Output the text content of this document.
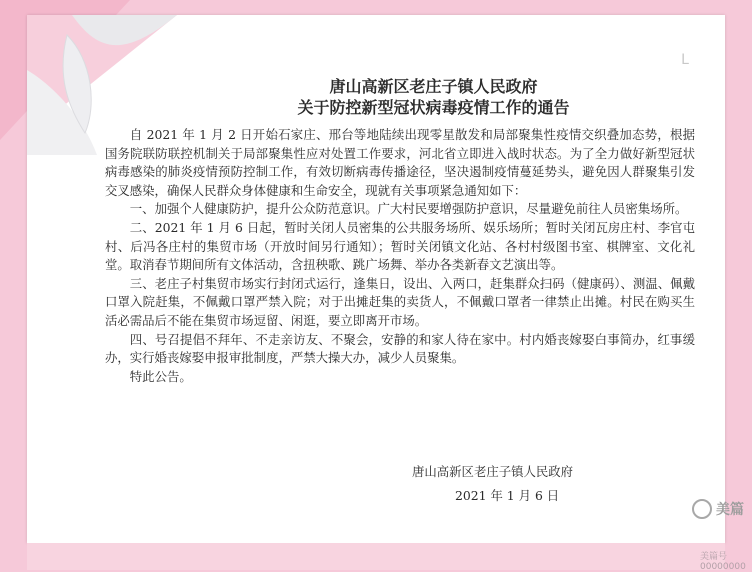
L
唐山高新区老庄子镇人民政府
关于防控新型冠状病毒疫情工作的通告

自 2021 年 1 月 2 日开始石家庄、邢台等地陆续出现零星散发和局部聚集性疫情交织叠加态势，根据国务院联防联控机制关于局部聚集性应对处置工作要求，河北省立即进入战时状态。为了全力做好新型冠状病毒感染的肺炎疫情预防控制工作，有效切断病毒传播途径，坚决遏制疫情蔓延势头，避免因人群聚集引发交叉感染，确保人民群众身体健康和生命安全，现就有关事项紧急通知如下：

一、加强个人健康防护，提升公众防范意识。广大村民要增强防护意识，尽量避免前往人员密集场所。

二、2021 年 1 月 6 日起，暂时关闭人员密集的公共服务场所、娱乐场所；暂时关闭瓦房庄村、李官屯村、后冯各庄村的集贸市场（开放时间另行通知）；暂时关闭镇文化站、各村村级图书室、棋牌室、文化礼堂。取消春节期间所有文体活动，含扭秧歌、跳广场舞、举办各类新春文艺演出等。

三、老庄子村集贸市场实行封闭式运行，逢集日，设出、入两口，赶集群众扫码（健康码）、测温、佩戴口罩入院赶集，不佩戴口罩严禁入院；对于出摊赶集的卖货人，不佩戴口罩者一律禁止出摊。村民在购买生活必需品后不能在集贸市场逗留、闲逛，要立即离开市场。

四、号召提倡不拜年、不走亲访友、不聚会，安静的和家人待在家中。村内婚丧嫁娶白事简办，红事缓办，实行婚丧嫁娶申报审批制度，严禁大操大办，减少人员聚集。

特此公告。

唐山高新区老庄子镇人民政府
2021 年 1 月 6 日
美篇
美篇号 00000000
